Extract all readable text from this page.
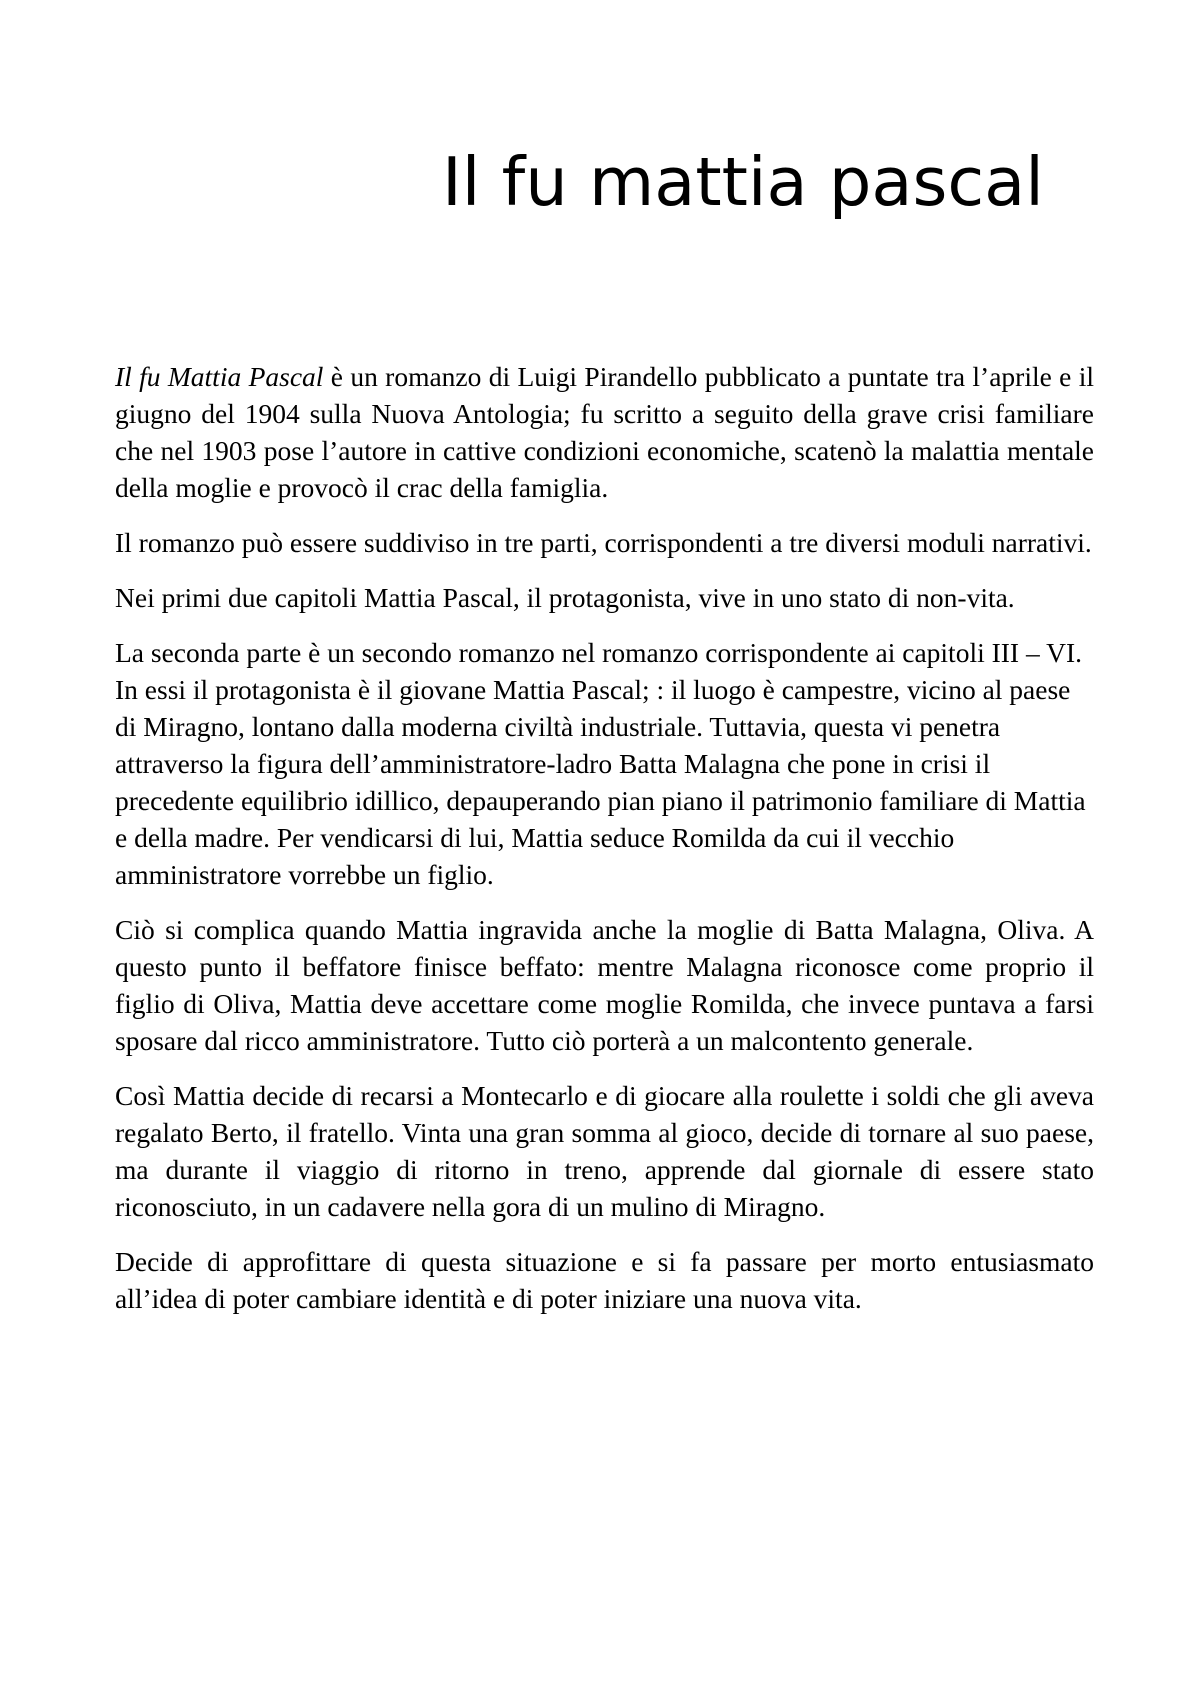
Il fu mattia pascal

Il fu Mattia Pascal è un romanzo di Luigi Pirandello pubblicato a puntate tra l’aprile e il giugno del 1904 sulla Nuova Antologia; fu scritto a seguito della grave crisi familiare che nel 1903 pose l’autore in cattive condizioni economiche, scatenò la malattia mentale della moglie e provocò il crac della famiglia.

Il romanzo può essere suddiviso in tre parti, corrispondenti a tre diversi moduli narrativi.

Nei primi due capitoli Mattia Pascal, il protagonista, vive in uno stato di non-vita.

La seconda parte è un secondo romanzo nel romanzo corrispondente ai capitoli III – VI. In essi il protagonista è il giovane Mattia Pascal; : il luogo è campestre, vicino al paese di Miragno, lontano dalla moderna civiltà industriale. Tuttavia, questa vi penetra attraverso la figura dell’amministratore-ladro Batta Malagna che pone in crisi il precedente equilibrio idillico, depauperando pian piano il patrimonio familiare di Mattia e della madre. Per vendicarsi di lui, Mattia seduce Romilda da cui il vecchio amministratore vorrebbe un figlio.

Ciò si complica quando Mattia ingravida anche la moglie di Batta Malagna, Oliva. A questo punto il beffatore finisce beffato: mentre Malagna riconosce come proprio il figlio di Oliva, Mattia deve accettare come moglie Romilda, che invece puntava a farsi sposare dal ricco amministratore. Tutto ciò porterà a un malcontento generale.

Così Mattia decide di recarsi a Montecarlo e di giocare alla roulette i soldi che gli aveva regalato Berto, il fratello. Vinta una gran somma al gioco, decide di tornare al suo paese, ma durante il viaggio di ritorno in treno, apprende dal giornale di essere stato riconosciuto, in un cadavere nella gora di un mulino di Miragno.

Decide di approfittare di questa situazione e si fa passare per morto entusiasmato all’idea di poter cambiare identità e di poter iniziare una nuova vita.
